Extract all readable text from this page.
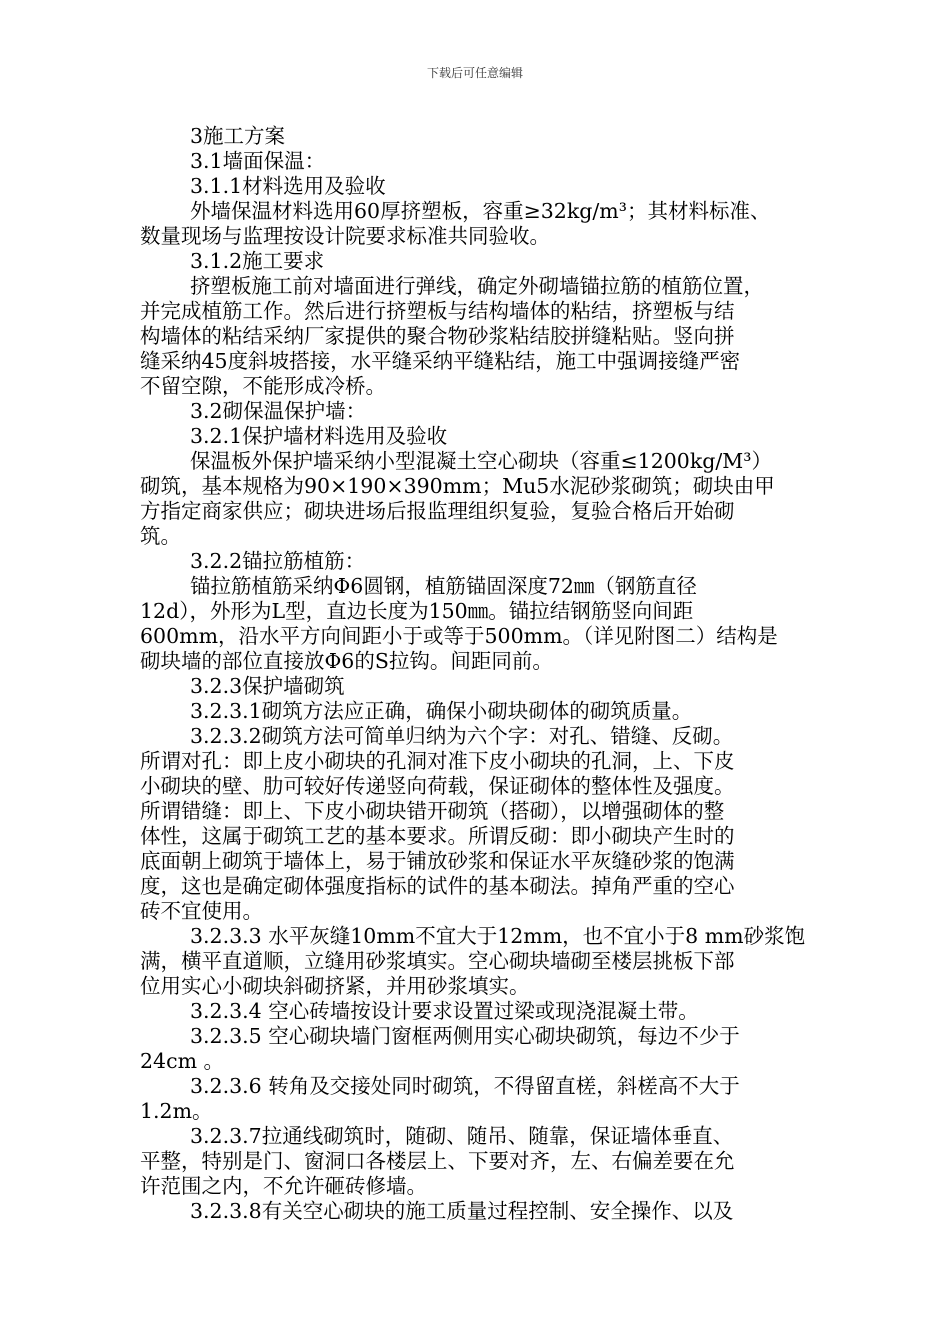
下载后可任意编辑
3施工方案
3.1墙面保温：
3.1.1材料选用及验收
外墙保温材料选用60厚挤塑板，容重≥32kg/m³；其材料标准、
数量现场与监理按设计院要求标准共同验收。
3.1.2施工要求
挤塑板施工前对墙面进行弹线，确定外砌墙锚拉筋的植筋位置，
并完成植筋工作。然后进行挤塑板与结构墙体的粘结，挤塑板与结
构墙体的粘结采纳厂家提供的聚合物砂浆粘结胶拼缝粘贴。竖向拼
缝采纳45度斜坡搭接，水平缝采纳平缝粘结，施工中强调接缝严密
不留空隙，不能形成冷桥。
3.2砌保温保护墙：
3.2.1保护墙材料选用及验收
保温板外保护墙采纳小型混凝土空心砌块（容重≤1200kg/M³）
砌筑，基本规格为90×190×390mm；Mu5水泥砂浆砌筑；砌块由甲
方指定商家供应；砌块进场后报监理组织复验，复验合格后开始砌
筑。
3.2.2锚拉筋植筋：
锚拉筋植筋采纳Φ6圆钢，植筋锚固深度72㎜（钢筋直径
12d），外形为L型，直边长度为150㎜。锚拉结钢筋竖向间距
600mm，沿水平方向间距小于或等于500mm。（详见附图二）结构是
砌块墙的部位直接放Φ6的S拉钩。间距同前。
3.2.3保护墙砌筑
3.2.3.1砌筑方法应正确，确保小砌块砌体的砌筑质量。
3.2.3.2砌筑方法可简单归纳为六个字：对孔、错缝、反砌。
所谓对孔：即上皮小砌块的孔洞对准下皮小砌块的孔洞，上、下皮
小砌块的壁、肋可较好传递竖向荷载，保证砌体的整体性及强度。
所谓错缝：即上、下皮小砌块错开砌筑（搭砌），以增强砌体的整
体性，这属于砌筑工艺的基本要求。所谓反砌：即小砌块产生时的
底面朝上砌筑于墙体上，易于铺放砂浆和保证水平灰缝砂浆的饱满
度，这也是确定砌体强度指标的试件的基本砌法。掉角严重的空心
砖不宜使用。
3.2.3.3 水平灰缝10mm不宜大于12mm，也不宜小于8 mm砂浆饱
满，横平直道顺，立缝用砂浆填实。空心砌块墙砌至楼层挑板下部
位用实心小砌块斜砌挤紧，并用砂浆填实。
3.2.3.4 空心砖墙按设计要求设置过梁或现浇混凝土带。
3.2.3.5 空心砌块墙门窗框两侧用实心砌块砌筑，每边不少于
24cm 。
3.2.3.6 转角及交接处同时砌筑，不得留直槎，斜槎高不大于
1.2m。
3.2.3.7拉通线砌筑时，随砌、随吊、随靠，保证墙体垂直、
平整，特别是门、窗洞口各楼层上、下要对齐，左、右偏差要在允
许范围之内，不允许砸砖修墙。
3.2.3.8有关空心砌块的施工质量过程控制、安全操作、以及
